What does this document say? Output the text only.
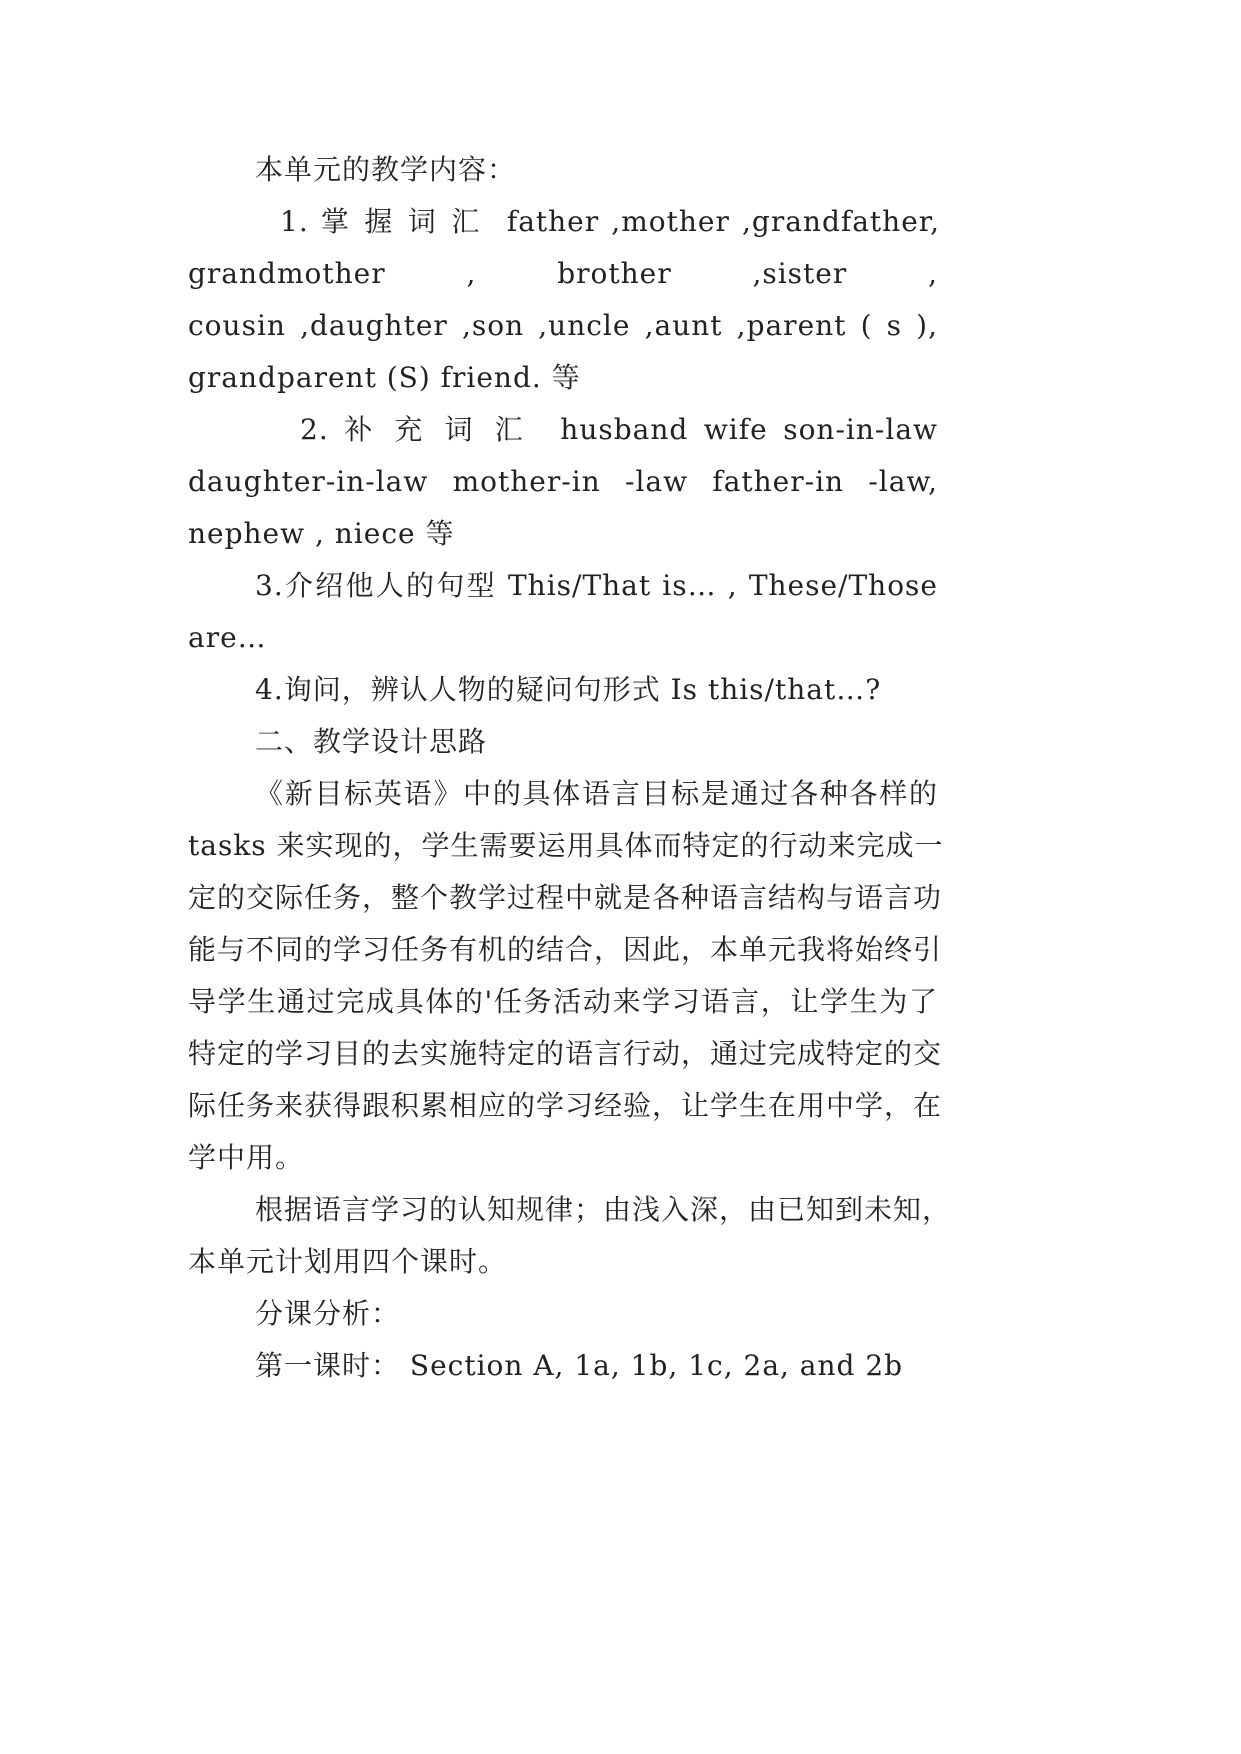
本单元的教学内容：
1. 掌 握 词 汇  father ,mother ,grandfather,
grandmother , brother ,sister ,
cousin ,daughter ,son ,uncle ,aunt ,parent ( s ),
grandparent (S) friend. 等
2. 补 充 词 汇  husband wife son-in-law
daughter-in-law mother-in -law father-in -law,
nephew , niece 等
3.介绍他人的句型 This/That is… , These/Those
are…
4.询问，辨认人物的疑问句形式 Is this/that…?
二、教学设计思路
《新目标英语》中的具体语言目标是通过各种各样的
tasks 来实现的，学生需要运用具体而特定的行动来完成一
定的交际任务，整个教学过程中就是各种语言结构与语言功
能与不同的学习任务有机的结合，因此，本单元我将始终引
导学生通过完成具体的'任务活动来学习语言，让学生为了
特定的学习目的去实施特定的语言行动，通过完成特定的交
际任务来获得跟积累相应的学习经验，让学生在用中学，在
学中用。
根据语言学习的认知规律；由浅入深，由已知到未知，
本单元计划用四个课时。
分课分析：
第一课时： Section A, 1a, 1b, 1c, 2a, and 2b
